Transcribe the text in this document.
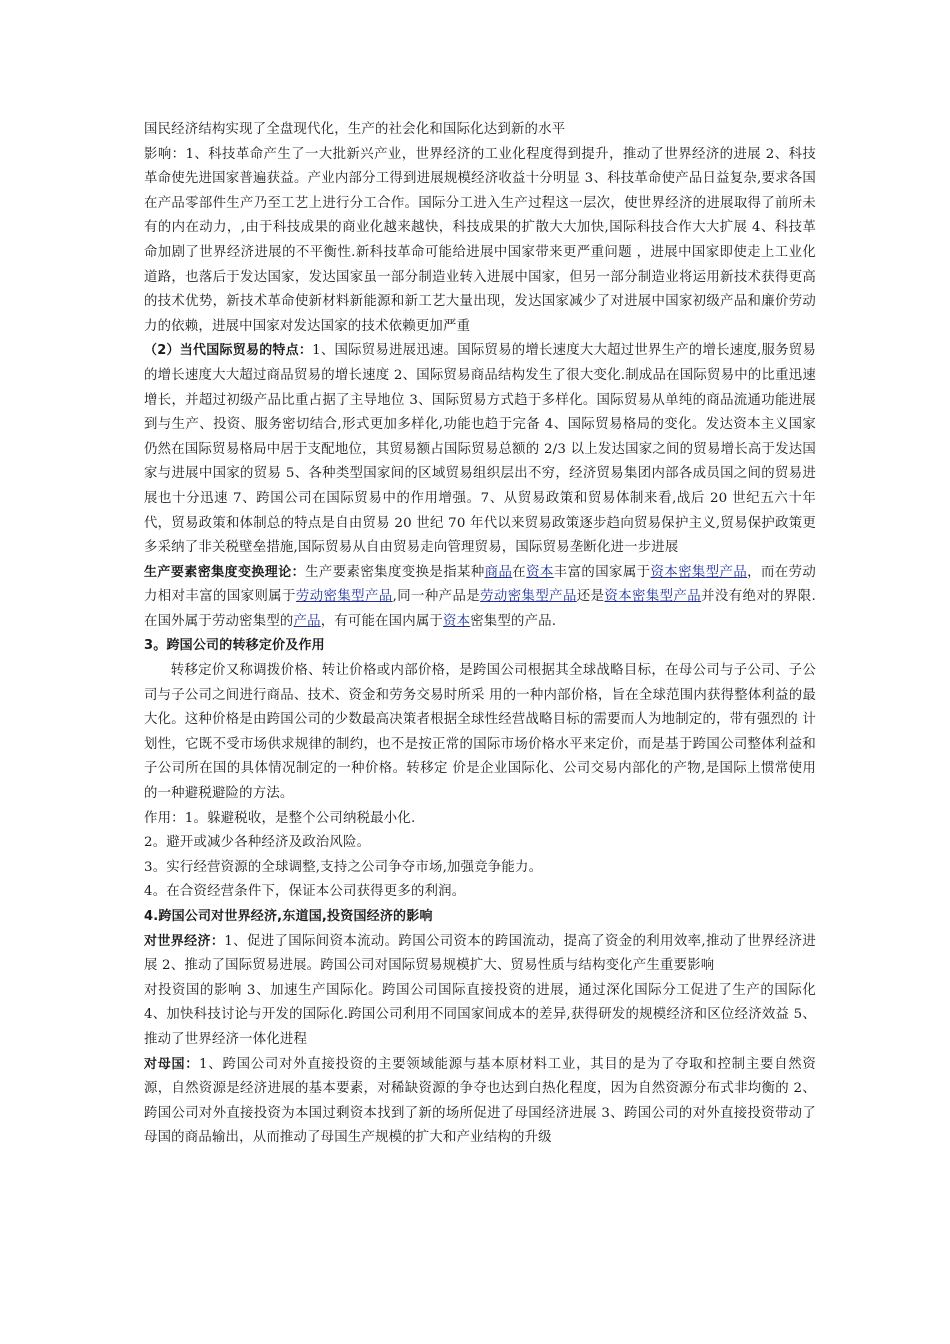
国民经济结构实现了全盘现代化，生产的社会化和国际化达到新的水平

影响：1、科技革命产生了一大批新兴产业，世界经济的工业化程度得到提升，推动了世界经济的进展 2、科技革命使先进国家普遍获益。产业内部分工得到进展规模经济收益十分明显 3、科技革命使产品日益复杂,要求各国在产品零部件生产乃至工艺上进行分工合作。国际分工进入生产过程这一层次，使世界经济的进展取得了前所未有的内在动力，,由于科技成果的商业化越来越快，科技成果的扩散大大加快,国际科技合作大大扩展 4、科技革命加剧了世界经济进展的不平衡性.新科技革命可能给进展中国家带来更严重问题 ，进展中国家即使走上工业化道路，也落后于发达国家，发达国家虽一部分制造业转入进展中国家，但另一部分制造业将运用新技术获得更高的技术优势，新技术革命使新材料新能源和新工艺大量出现，发达国家减少了对进展中国家初级产品和廉价劳动力的依赖，进展中国家对发达国家的技术依赖更加严重

（2）当代国际贸易的特点：1、国际贸易进展迅速。国际贸易的增长速度大大超过世界生产的增长速度,服务贸易的增长速度大大超过商品贸易的增长速度 2、国际贸易商品结构发生了很大变化.制成品在国际贸易中的比重迅速增长，并超过初级产品比重占据了主导地位 3、国际贸易方式趋于多样化。国际贸易从单纯的商品流通功能进展到与生产、投资、服务密切结合,形式更加多样化,功能也趋于完备 4、国际贸易格局的变化。发达资本主义国家仍然在国际贸易格局中居于支配地位，其贸易额占国际贸易总额的 2/3 以上发达国家之间的贸易增长高于发达国家与进展中国家的贸易 5、各种类型国家间的区域贸易组织层出不穷，经济贸易集团内部各成员国之间的贸易进展也十分迅速 7、跨国公司在国际贸易中的作用增强。7、从贸易政策和贸易体制来看,战后 20 世纪五六十年代，贸易政策和体制总的特点是自由贸易 20 世纪 70 年代以来贸易政策逐步趋向贸易保护主义,贸易保护政策更多采纳了非关税壁垒措施,国际贸易从自由贸易走向管理贸易，国际贸易垄断化进一步进展

生产要素密集度变换理论：生产要素密集度变换是指某种商品在资本丰富的国家属于资本密集型产品，而在劳动力相对丰富的国家则属于劳动密集型产品,同一种产品是劳动密集型产品还是资本密集型产品并没有绝对的界限.在国外属于劳动密集型的产品，有可能在国内属于资本密集型的产品.

3。跨国公司的转移定价及作用

转移定价又称调拨价格、转让价格或内部价格，是跨国公司根据其全球战略目标，在母公司与子公司、子公司与子公司之间进行商品、技术、资金和劳务交易时所采 用的一种内部价格，旨在全球范围内获得整体利益的最大化。这种价格是由跨国公司的少数最高决策者根据全球性经营战略目标的需要而人为地制定的，带有强烈的 计划性，它既不受市场供求规律的制约，也不是按正常的国际市场价格水平来定价，而是基于跨国公司整体利益和子公司所在国的具体情况制定的一种价格。转移定 价是企业国际化、公司交易内部化的产物,是国际上惯常使用的一种避税避险的方法。

作用：1。躲避税收，是整个公司纳税最小化.

2。避开或减少各种经济及政治风险。

3。实行经营资源的全球调整,支持之公司争夺市场,加强竞争能力。

4。在合资经营条件下，保证本公司获得更多的利润。

4.跨国公司对世界经济,东道国,投资国经济的影响

对世界经济：1、促进了国际间资本流动。跨国公司资本的跨国流动，提高了资金的利用效率,推动了世界经济进展 2、推动了国际贸易进展。跨国公司对国际贸易规模扩大、贸易性质与结构变化产生重要影响

对投资国的影响 3、加速生产国际化。跨国公司国际直接投资的进展，通过深化国际分工促进了生产的国际化 4、加快科技讨论与开发的国际化.跨国公司利用不同国家间成本的差异,获得研发的规模经济和区位经济效益 5、推动了世界经济一体化进程

对母国：1、跨国公司对外直接投资的主要领域能源与基本原材料工业，其目的是为了夺取和控制主要自然资源，自然资源是经济进展的基本要素，对稀缺资源的争夺也达到白热化程度，因为自然资源分布式非均衡的 2、跨国公司对外直接投资为本国过剩资本找到了新的场所促进了母国经济进展 3、跨国公司的对外直接投资带动了母国的商品输出，从而推动了母国生产规模的扩大和产业结构的升级
